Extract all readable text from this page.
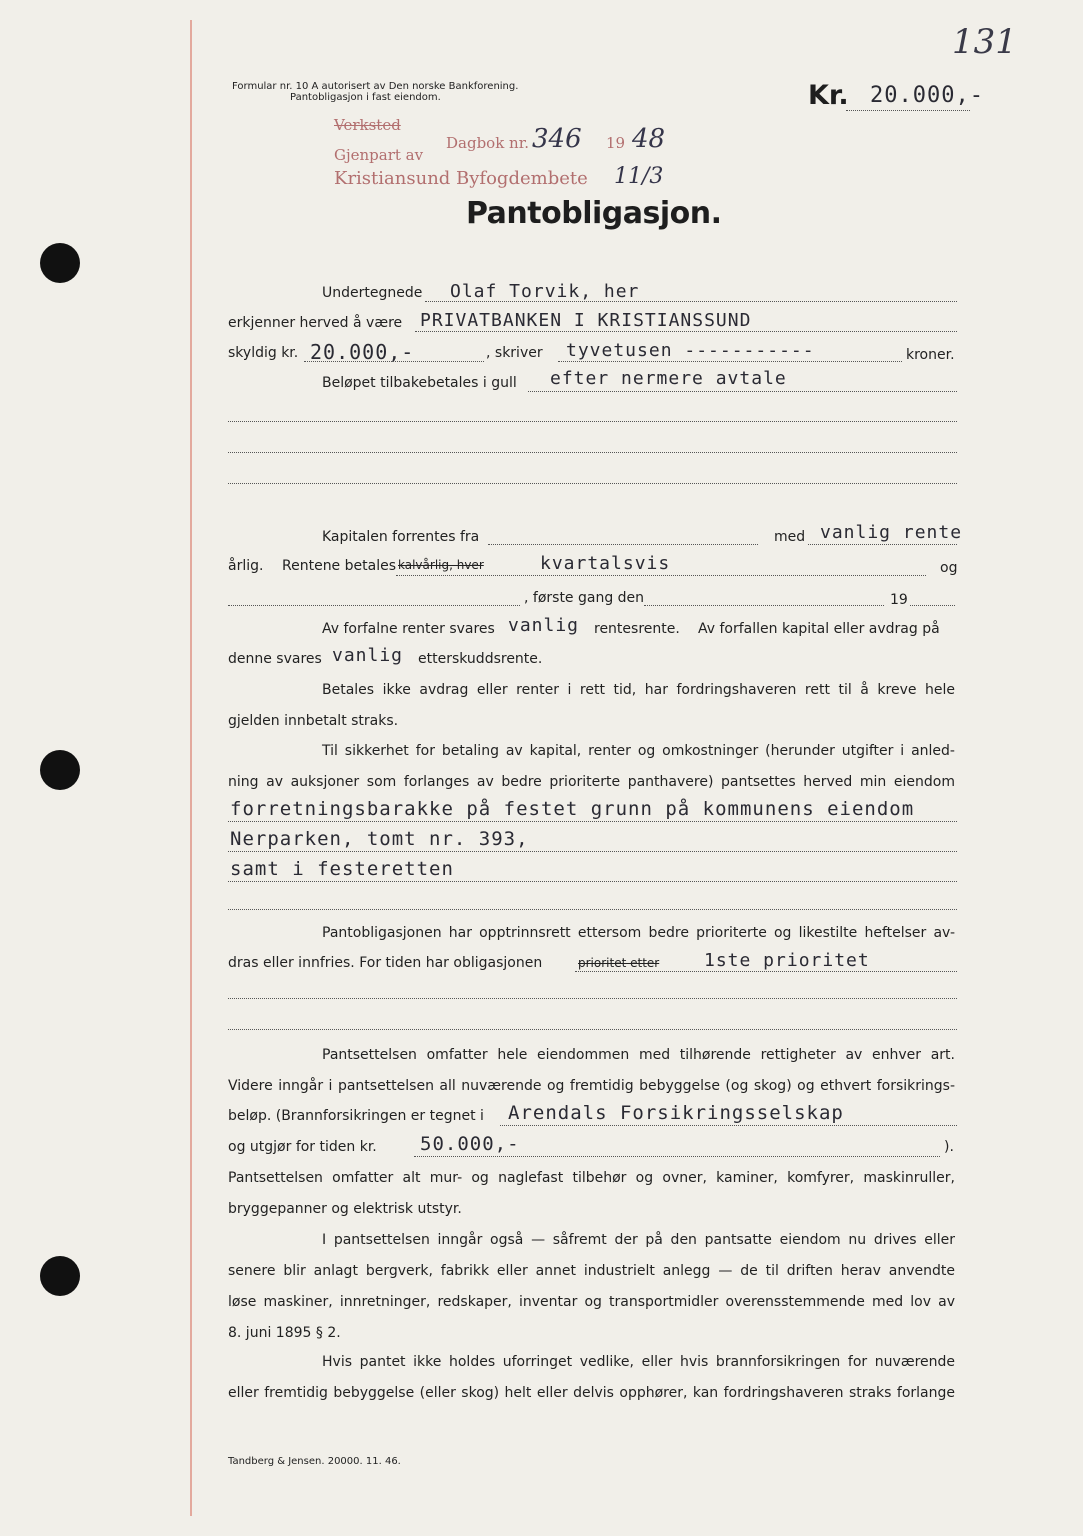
131
Formular nr. 10 A autorisert av Den norske Bankforening.
Pantobligasjon i fast eiendom.	Kr. 20.000,-
Verksted
Dagbok nr. 346 19 48
Gjenpart av
Kristiansund Byfogdembete 11/3
Pantobligasjon.
Undertegnede Olaf Torvik, her
erkjenner herved å være PRIVATBANKEN I KRISTIANSSUND
skyldig kr. 20.000,-	, skriver tyvetusen -----------	kroner.
Beløpet tilbakebetales i gull efter nermere avtale
Kapitalen forrentes fra	med vanlig rente
årlig. Rentene betales kalvårlig, hver	kvartalsvis	og
, første gang den	19
Av forfalne renter svares vanlig rentesrente. Av forfallen kapital eller avdrag på
denne svares vanlig etterskuddsrente.
Betales ikke avdrag eller renter i rett tid, har fordringshaveren rett til å kreve hele
gjelden innbetalt straks.
Til sikkerhet for betaling av kapital, renter og omkostninger (herunder utgifter i anled-
ning av auksjoner som forlanges av bedre prioriterte panthavere) pantsettes herved min eiendom
forretningsbarakke på festet grunn på kommunens eiendom
Nerparken, tomt nr. 393,
samt i festeretten
Pantobligasjonen har opptrinnsrett ettersom bedre prioriterte og likestilte heftelser av-
dras eller innfries. For tiden har obligasjonen	prioritet etter 1ste prioritet
Pantsettelsen omfatter hele eiendommen med tilhørende rettigheter av enhver art.
Videre inngår i pantsettelsen all nuværende og fremtidig bebyggelse (og skog) og ethvert forsikrings-
beløp. (Brannforsikringen er tegnet i Arendals Forsikringsselskap
og utgjør for tiden kr. 50.000,-	).
Pantsettelsen omfatter alt mur- og naglefast tilbehør og ovner, kaminer, komfyrer, maskinruller,
bryggepanner og elektrisk utstyr.
I pantsettelsen inngår også — såfremt der på den pantsatte eiendom nu drives eller
senere blir anlagt bergverk, fabrikk eller annet industrielt anlegg — de til driften herav anvendte
løse maskiner, innretninger, redskaper, inventar og transportmidler overensstemmende med lov av
8. juni 1895 § 2.
Hvis pantet ikke holdes uforringet vedlike, eller hvis brannforsikringen for nuværende
eller fremtidig bebyggelse (eller skog) helt eller delvis opphører, kan fordringshaveren straks forlange
Tandberg & Jensen. 20000. 11. 46.
